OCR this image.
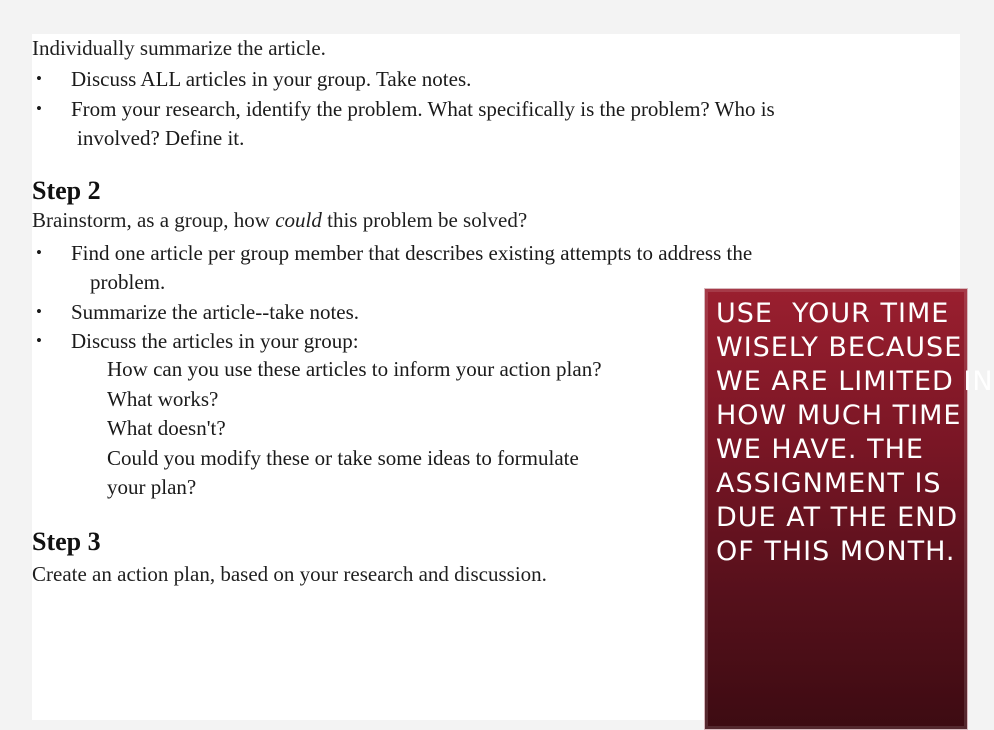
Individually summarize the article.
• Discuss ALL articles in your group. Take notes.
• From your research, identify the problem. What specifically is the problem? Who is
involved? Define it.
Step 2
Brainstorm, as a group, how could this problem be solved?
• Find one article per group member that describes existing attempts to address the
problem.
• Summarize the article--take notes.
• Discuss the articles in your group:
How can you use these articles to inform your action plan?
What works?
What doesn't?
Could you modify these or take some ideas to formulate
your plan?
Step 3
Create an action plan, based on your research and discussion.
USE  YOUR TIME
WISELY BECAUSE
WE ARE LIMITED IN
HOW MUCH TIME
WE HAVE. THE
ASSIGNMENT IS
DUE AT THE END
OF THIS MONTH.
